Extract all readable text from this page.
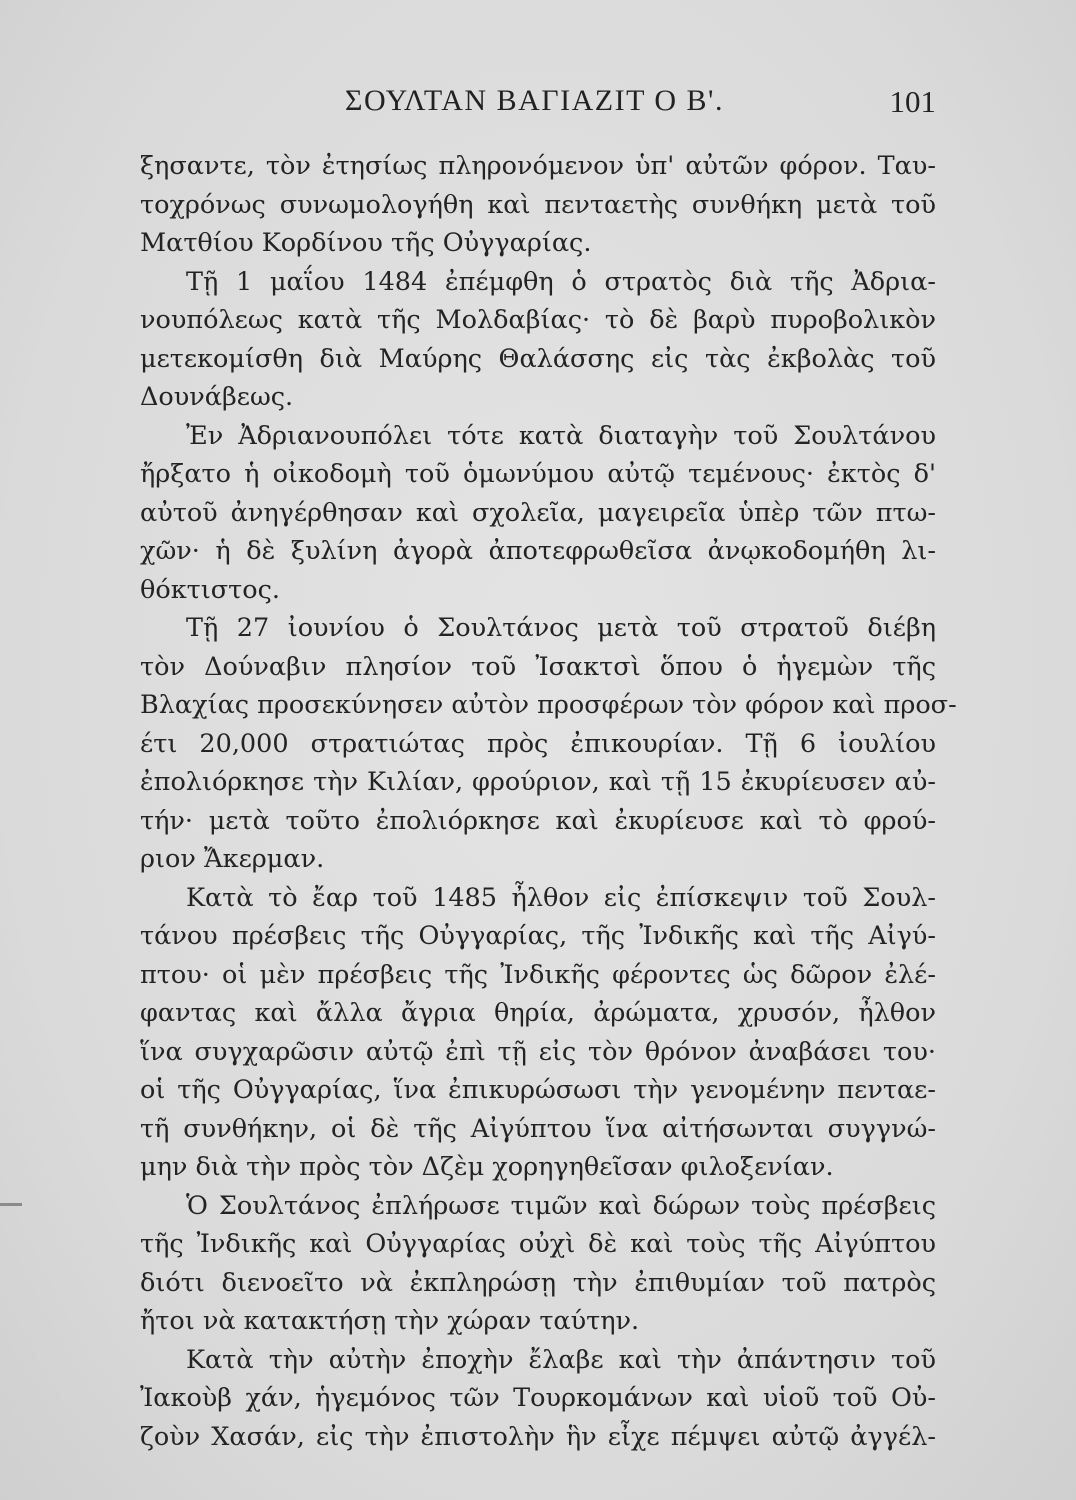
ΣΟΥΛΤΑΝ ΒΑΓΙΑΖΙΤ Ο Β'.	101
ξησαντε, τὸν ἐτησίως πληρονόμενον ὑπ' αὐτῶν φόρον. Ταυ-
τοχρόνως συνωμολογήθη καὶ πενταετὴς συνθήκη μετὰ τοῦ
Ματθίου Κορδίνου τῆς Οὐγγαρίας.
Τῇ 1 μαΐου 1484 ἐπέμφθη ὁ στρατὸς διὰ τῆς Ἀδρια-
νουπόλεως κατὰ τῆς Μολδαβίας· τὸ δὲ βαρὺ πυροβολικὸν
μετεκομίσθη διὰ Μαύρης Θαλάσσης εἰς τὰς ἐκβολὰς τοῦ
Δουνάβεως.
Ἐν Ἀδριανουπόλει τότε κατὰ διαταγὴν τοῦ Σουλτάνου
ἤρξατο ἡ οἰκοδομὴ τοῦ ὁμωνύμου αὐτῷ τεμένους· ἐκτὸς δ'
αὐτοῦ ἀνηγέρθησαν καὶ σχολεῖα, μαγειρεῖα ὑπὲρ τῶν πτω-
χῶν· ἡ δὲ ξυλίνη ἀγορὰ ἀποτεφρωθεῖσα ἀνῳκοδομήθη λι-
θόκτιστος.
Τῇ 27 ἰουνίου ὁ Σουλτάνος μετὰ τοῦ στρατοῦ διέβη
τὸν Δούναβιν πλησίον τοῦ Ἰσακτσὶ ὅπου ὁ ἡγεμὼν τῆς
Βλαχίας προσεκύνησεν αὐτὸν προσφέρων τὸν φόρον καὶ προσ-
έτι 20,000 στρατιώτας πρὸς ἐπικουρίαν. Τῇ 6 ἰουλίου
ἐπολιόρκησε τὴν Κιλίαν, φρούριον, καὶ τῇ 15 ἐκυρίευσεν αὐ-
τήν· μετὰ τοῦτο ἐπολιόρκησε καὶ ἐκυρίευσε καὶ τὸ φρού-
ριον Ἄκερμαν.
Κατὰ τὸ ἔαρ τοῦ 1485 ἦλθον εἰς ἐπίσκεψιν τοῦ Σουλ-
τάνου πρέσβεις τῆς Οὐγγαρίας, τῆς Ἰνδικῆς καὶ τῆς Αἰγύ-
πτου· οἱ μὲν πρέσβεις τῆς Ἰνδικῆς φέροντες ὡς δῶρον ἐλέ-
φαντας καὶ ἄλλα ἄγρια θηρία, ἀρώματα, χρυσόν, ἦλθον
ἵνα συγχαρῶσιν αὐτῷ ἐπὶ τῇ εἰς τὸν θρόνον ἀναβάσει του·
οἱ τῆς Οὐγγαρίας, ἵνα ἐπικυρώσωσι τὴν γενομένην πενταε-
τῆ συνθήκην, οἱ δὲ τῆς Αἰγύπτου ἵνα αἰτήσωνται συγγνώ-
μην διὰ τὴν πρὸς τὸν Δζὲμ χορηγηθεῖσαν φιλοξενίαν.
Ὁ Σουλτάνος ἐπλήρωσε τιμῶν καὶ δώρων τοὺς πρέσβεις
τῆς Ἰνδικῆς καὶ Οὐγγαρίας οὐχὶ δὲ καὶ τοὺς τῆς Αἰγύπτου
διότι διενοεῖτο νὰ ἐκπληρώσῃ τὴν ἐπιθυμίαν τοῦ πατρὸς
ἤτοι νὰ κατακτήσῃ τὴν χώραν ταύτην.
Κατὰ τὴν αὐτὴν ἐποχὴν ἔλαβε καὶ τὴν ἀπάντησιν τοῦ
Ἰακοὺβ χάν, ἡγεμόνος τῶν Τουρκομάνων καὶ υἱοῦ τοῦ Οὐ-
ζοὺν Χασάν, εἰς τὴν ἐπιστολὴν ἣν εἶχε πέμψει αὐτῷ ἀγγέλ-
